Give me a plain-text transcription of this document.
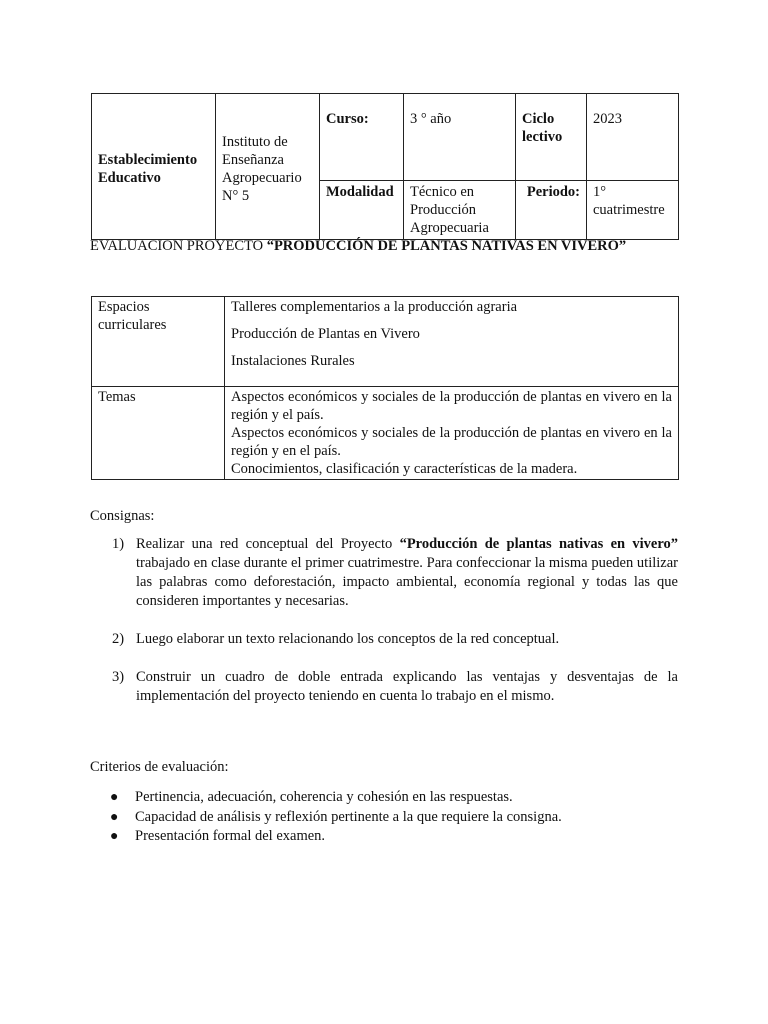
Establecimiento Educativo	Instituto de Enseñanza Agropecuario N° 5	Curso:	3 ° año	Ciclo lectivo	2023
		Modalidad	Técnico en Producción Agropecuaria	Periodo:	1° cuatrimestre
EVALUACION PROYECTO “PRODUCCIÓN DE PLANTAS NATIVAS EN VIVERO”
Espacios curriculares	Talleres complementarios a la producción agraria
Producción de Plantas en Vivero
Instalaciones Rurales

Temas	Aspectos económicos y sociales de la producción de plantas en vivero en la región y el país.
Aspectos económicos y sociales de la producción de plantas en vivero en la región y en el país.
Conocimientos, clasificación y características de la madera.
Consignas:
1) Realizar una red conceptual del Proyecto “Producción de plantas nativas en vivero” trabajado en clase durante el primer cuatrimestre. Para confeccionar la misma pueden utilizar las palabras como deforestación, impacto ambiental, economía regional y todas las que consideren importantes y necesarias.
2) Luego elaborar un texto relacionando los conceptos de la red conceptual.
3) Construir un cuadro de doble entrada explicando las ventajas y desventajas de la implementación del proyecto teniendo en cuenta lo trabajo en el mismo.
Criterios de evaluación:
●	Pertinencia, adecuación, coherencia y cohesión en las respuestas.
●	Capacidad de análisis y reflexión pertinente a la que requiere la consigna.
●	Presentación formal del examen.
